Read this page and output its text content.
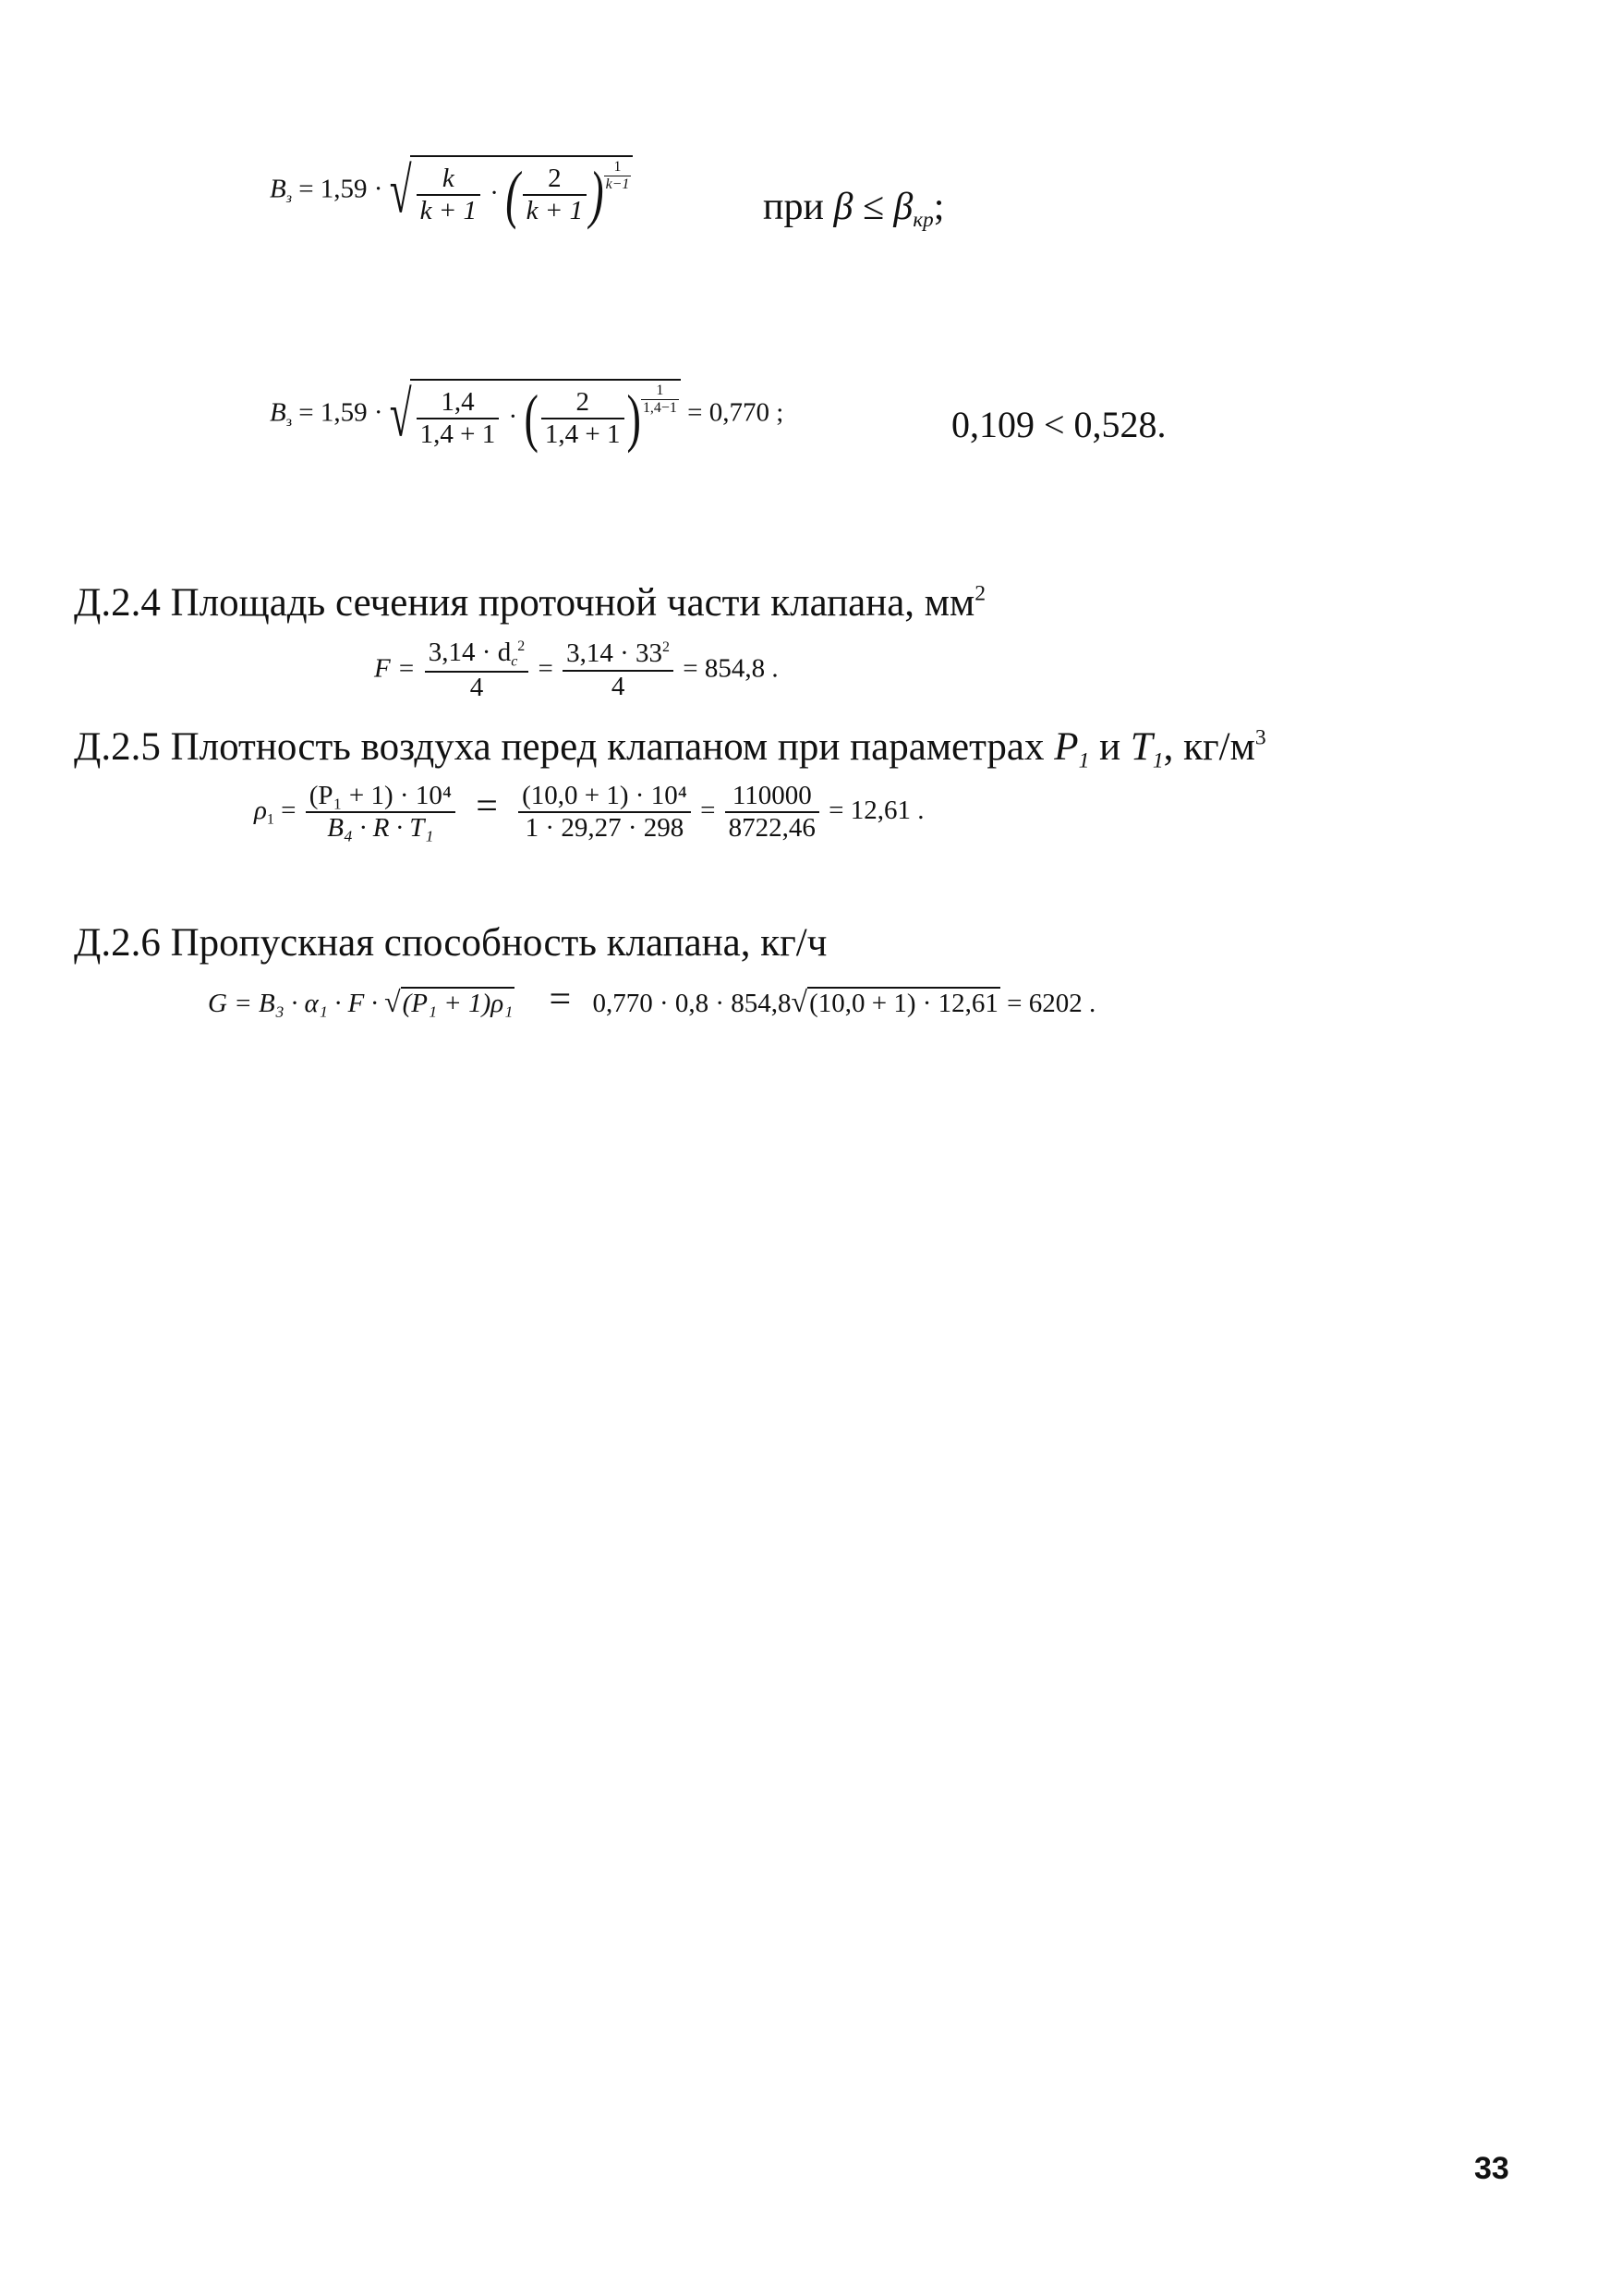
Bз = 1,59 · √ $\frac{k}{k + 1}$ · ( $\frac{2}{k + 1}$ ) $\frac{1}{k-1}$
при β ≤ βкр;
Bз = 1,59 · √ $\frac{1,4}{1,4 + 1}$ · ( $\frac{2}{1,4 + 1}$ ) $\frac{1}{1,4-1} = 0,770$ ;	0,109 < 0,528.
Д.2.4 Площадь сечения проточной части клапана, $мм^2$
$F = \frac{3,14 \cdot dc^2}{4} = \frac{3,14 \cdot 33^2}{4} = 854,8$ .
Д.2.5 Плотность воздуха перед клапаном при параметрах P1 и T1, $кг/м^3$
$\rho 1 = \frac{\text{(P₁ + 1) · 10⁴}}{\text{B₄ · R · T₁}} = \frac{\text{(10,0 + 1) · 10⁴}}{1 \cdot 29,27 \cdot 298} = \frac{110000}{8722,46} = 12,61$ .
Д.2.6 Пропускная способность клапана, кг/ч
G = B₃ · α₁ · F · √(P₁ + 1)ρ₁ = 0,770 · 0,8 · 854,8√(10,0 + 1) · 12,61 = 6202 .
33
